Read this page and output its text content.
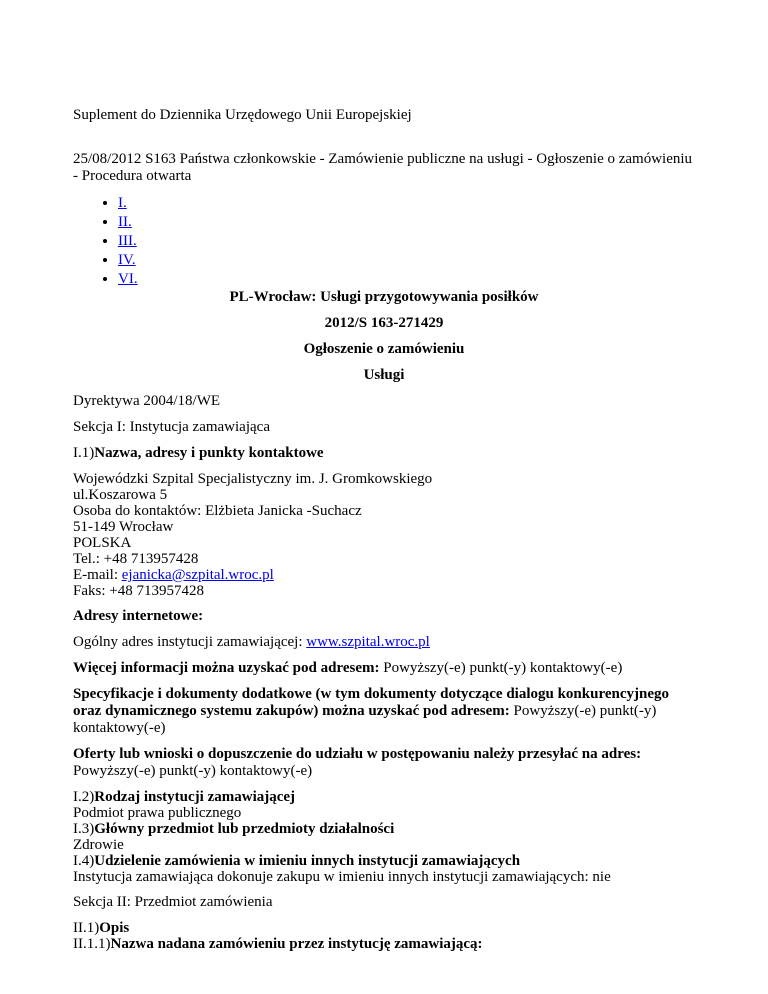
Suplement do Dziennika Urzędowego Unii Europejskiej

25/08/2012 S163 Państwa członkowskie - Zamówienie publiczne na usługi - Ogłoszenie o zamówieniu - Procedura otwarta

• I.
• II.
• III.
• IV.
• VI.

PL-Wrocław: Usługi przygotowywania posiłków

2012/S 163-271429

Ogłoszenie o zamówieniu

Usługi

Dyrektywa 2004/18/WE

Sekcja I: Instytucja zamawiająca

I.1)Nazwa, adresy i punkty kontaktowe

Wojewódzki Szpital Specjalistyczny im. J. Gromkowskiego
ul.Koszarowa 5
Osoba do kontaktów: Elżbieta Janicka -Suchacz
51-149 Wrocław
POLSKA
Tel.: +48 713957428
E-mail: ejanicka@szpital.wroc.pl
Faks: +48 713957428

Adresy internetowe:

Ogólny adres instytucji zamawiającej: www.szpital.wroc.pl

Więcej informacji można uzyskać pod adresem: Powyższy(-e) punkt(-y) kontaktowy(-e)

Specyfikacje i dokumenty dodatkowe (w tym dokumenty dotyczące dialogu konkurencyjnego oraz dynamicznego systemu zakupów) można uzyskać pod adresem: Powyższy(-e) punkt(-y) kontaktowy(-e)

Oferty lub wnioski o dopuszczenie do udziału w postępowaniu należy przesyłać na adres:
Powyższy(-e) punkt(-y) kontaktowy(-e)

I.2)Rodzaj instytucji zamawiającej
Podmiot prawa publicznego
I.3)Główny przedmiot lub przedmioty działalności
Zdrowie
I.4)Udzielenie zamówienia w imieniu innych instytucji zamawiających
Instytucja zamawiająca dokonuje zakupu w imieniu innych instytucji zamawiających: nie

Sekcja II: Przedmiot zamówienia

II.1)Opis
II.1.1)Nazwa nadana zamówieniu przez instytucję zamawiającą:
